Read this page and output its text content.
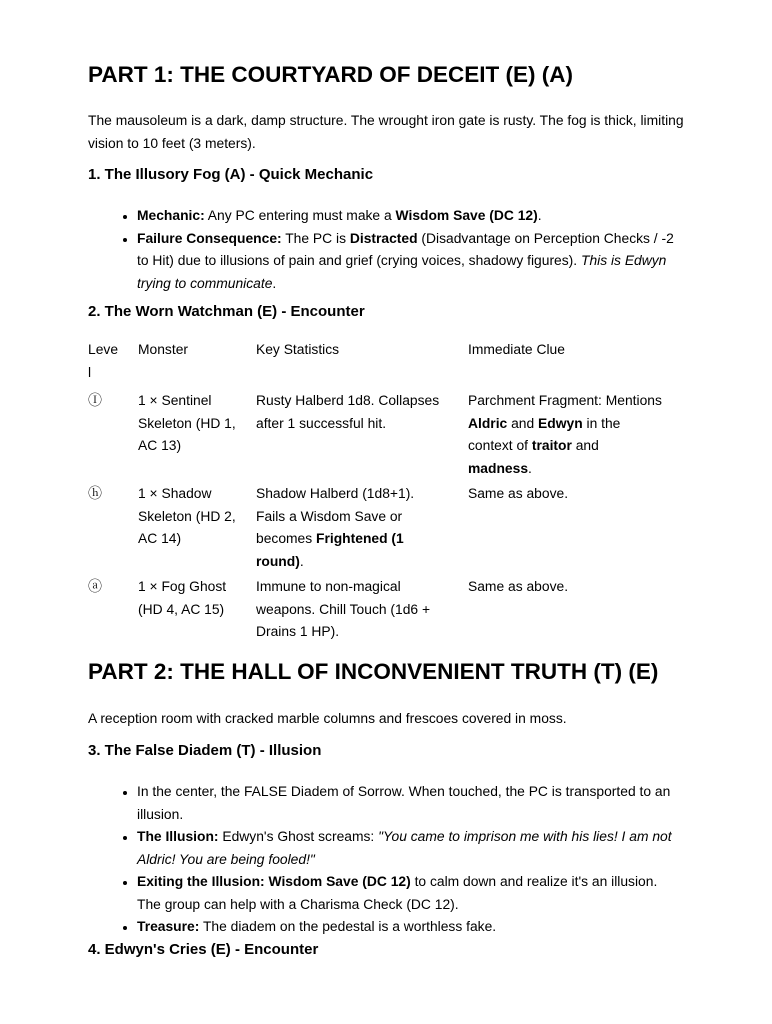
PART 1: THE COURTYARD OF DECEIT (E) (A)

The mausoleum is a dark, damp structure. The wrought iron gate is rusty. The fog is thick, limiting vision to 10 feet (3 meters).

1. The Illusory Fog (A) - Quick Mechanic
• Mechanic: Any PC entering must make a Wisdom Save (DC 12).
• Failure Consequence: The PC is Distracted (Disadvantage on Perception Checks / -2 to Hit) due to illusions of pain and grief (crying voices, shadowy figures). This is Edwyn trying to communicate.
2. The Worn Watchman (E) - Encounter
Level	Monster	Key Statistics	Immediate Clue
Ⓘ	1 × Sentinel Skeleton (HD 1, AC 13)	Rusty Halberd 1d8. Collapses after 1 successful hit.	Parchment Fragment: Mentions Aldric and Edwyn in the context of traitor and madness.
ⓗ	1 × Shadow Skeleton (HD 2, AC 14)	Shadow Halberd (1d8+1). Fails a Wisdom Save or becomes Frightened (1 round).	Same as above.
ⓐ	1 × Fog Ghost (HD 4, AC 15)	Immune to non-magical weapons. Chill Touch (1d6 + Drains 1 HP).	Same as above.
PART 2: THE HALL OF INCONVENIENT TRUTH (T) (E)

A reception room with cracked marble columns and frescoes covered in moss.

3. The False Diadem (T) - Illusion
• In the center, the FALSE Diadem of Sorrow. When touched, the PC is transported to an illusion.
• The Illusion: Edwyn's Ghost screams: "You came to imprison me with his lies! I am not Aldric! You are being fooled!"
• Exiting the Illusion: Wisdom Save (DC 12) to calm down and realize it's an illusion. The group can help with a Charisma Check (DC 12).
• Treasure: The diadem on the pedestal is a worthless fake.
4. Edwyn's Cries (E) - Encounter
